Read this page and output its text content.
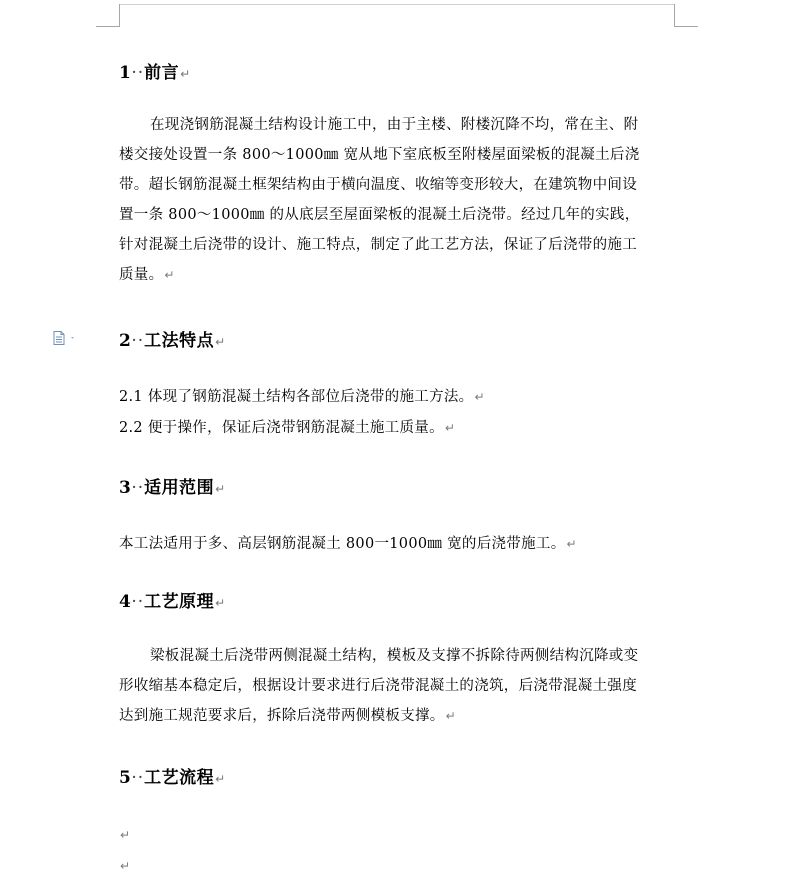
1··前言↵
在现浇钢筋混凝土结构设计施工中，由于主楼、附楼沉降不均，常在主、附
楼交接处设置一条 800～1000㎜ 宽从地下室底板至附楼屋面梁板的混凝土后浇
带。超长钢筋混凝土框架结构由于横向温度、收缩等变形较大，在建筑物中间设
置一条 800～1000㎜ 的从底层至屋面梁板的混凝土后浇带。经过几年的实践，
针对混凝土后浇带的设计、施工特点，制定了此工艺方法，保证了后浇带的施工
质量。↵
2··工法特点↵
2.1 体现了钢筋混凝土结构各部位后浇带的施工方法。↵
2.2 便于操作，保证后浇带钢筋混凝土施工质量。↵
3··适用范围↵
本工法适用于多、高层钢筋混凝土 800一1000㎜ 宽的后浇带施工。↵
4··工艺原理↵
梁板混凝土后浇带两侧混凝土结构，模板及支撑不拆除待两侧结构沉降或变
形收缩基本稳定后，根据设计要求进行后浇带混凝土的浇筑，后浇带混凝土强度
达到施工规范要求后，拆除后浇带两侧模板支撑。↵
5··工艺流程↵
↵
↵
